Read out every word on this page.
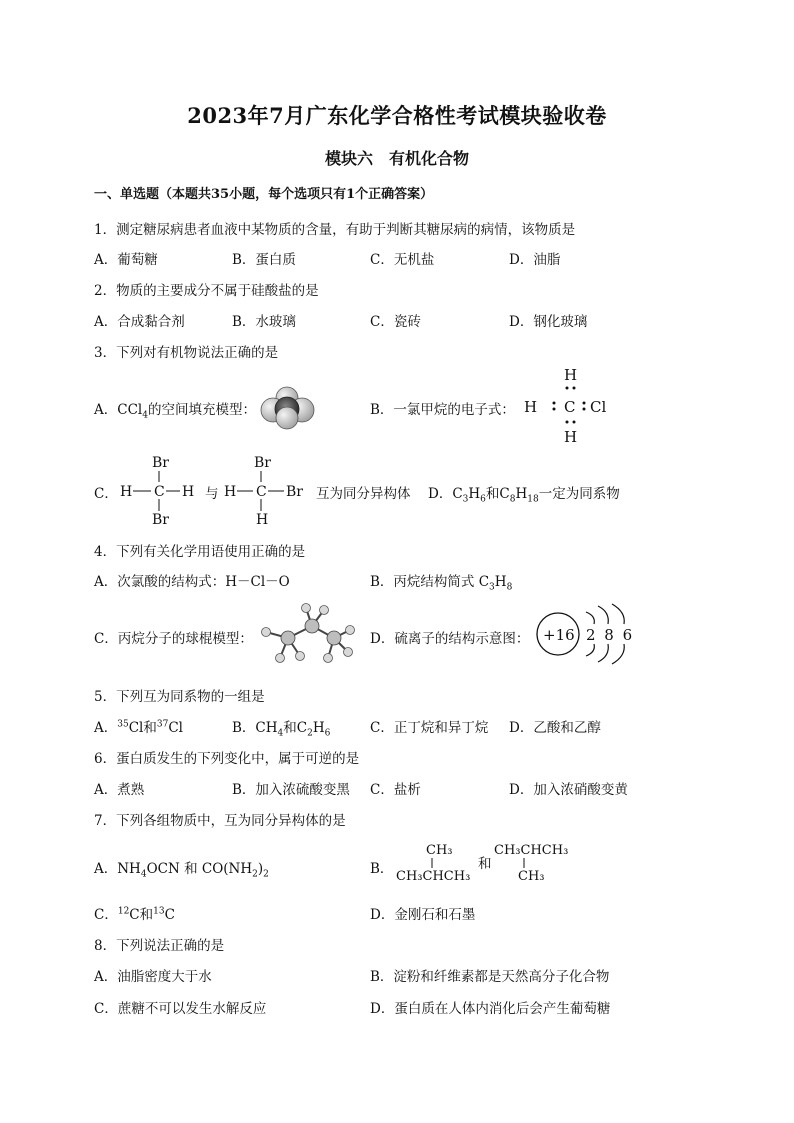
2023年7月广东化学合格性考试模块验收卷
模块六　有机化合物
一、单选题（本题共35小题，每个选项只有1个正确答案）
1．测定糖尿病患者血液中某物质的含量，有助于判断其糖尿病的病情，该物质是
A．葡萄糖	B．蛋白质	C．无机盐	D．油脂
2．物质的主要成分不属于硅酸盐的是
A．合成黏合剂	B．水玻璃	C．瓷砖	D．钢化玻璃
3．下列对有机物说法正确的是
A．CCl$_4$的空间填充模型：	B．一氯甲烷的电子式：
H
H C Cl
H
C．
Br
H C H
Br
与
Br
H C Br
H
互为同分异构体 D．$C_3H_6$和$C_8H_{18}$一定为同系物
4．下列有关化学用语使用正确的是
A．次氯酸的结构式：H－Cl－O	B．丙烷结构简式 $C_3H_8$
C．丙烷分子的球棍模型：	D．硫离子的结构示意图： +16 2 8 6
5．下列互为同系物的一组是
A．$^{35}$Cl和$^{37}$Cl	B．$CH_4$和$C_2H_6$	C．正丁烷和异丁烷 D．乙酸和乙醇
6．蛋白质发生的下列变化中，属于可逆的是
A．煮熟	B．加入浓硫酸变黑 C．盐析	D．加入浓硝酸变黄
7．下列各组物质中，互为同分异构体的是
A．$NH_4OCN$ 和 $CO(NH_2)_2$	B．
CH₃
CH₃CHCH₃
和
CH₃CHCH₃
CH₃
C．$^{12}$C和$^{13}$C	D．金刚石和石墨
8．下列说法正确的是
A．油脂密度大于水	B．淀粉和纤维素都是天然高分子化合物
C．蔗糖不可以发生水解反应	D．蛋白质在人体内消化后会产生葡萄糖
